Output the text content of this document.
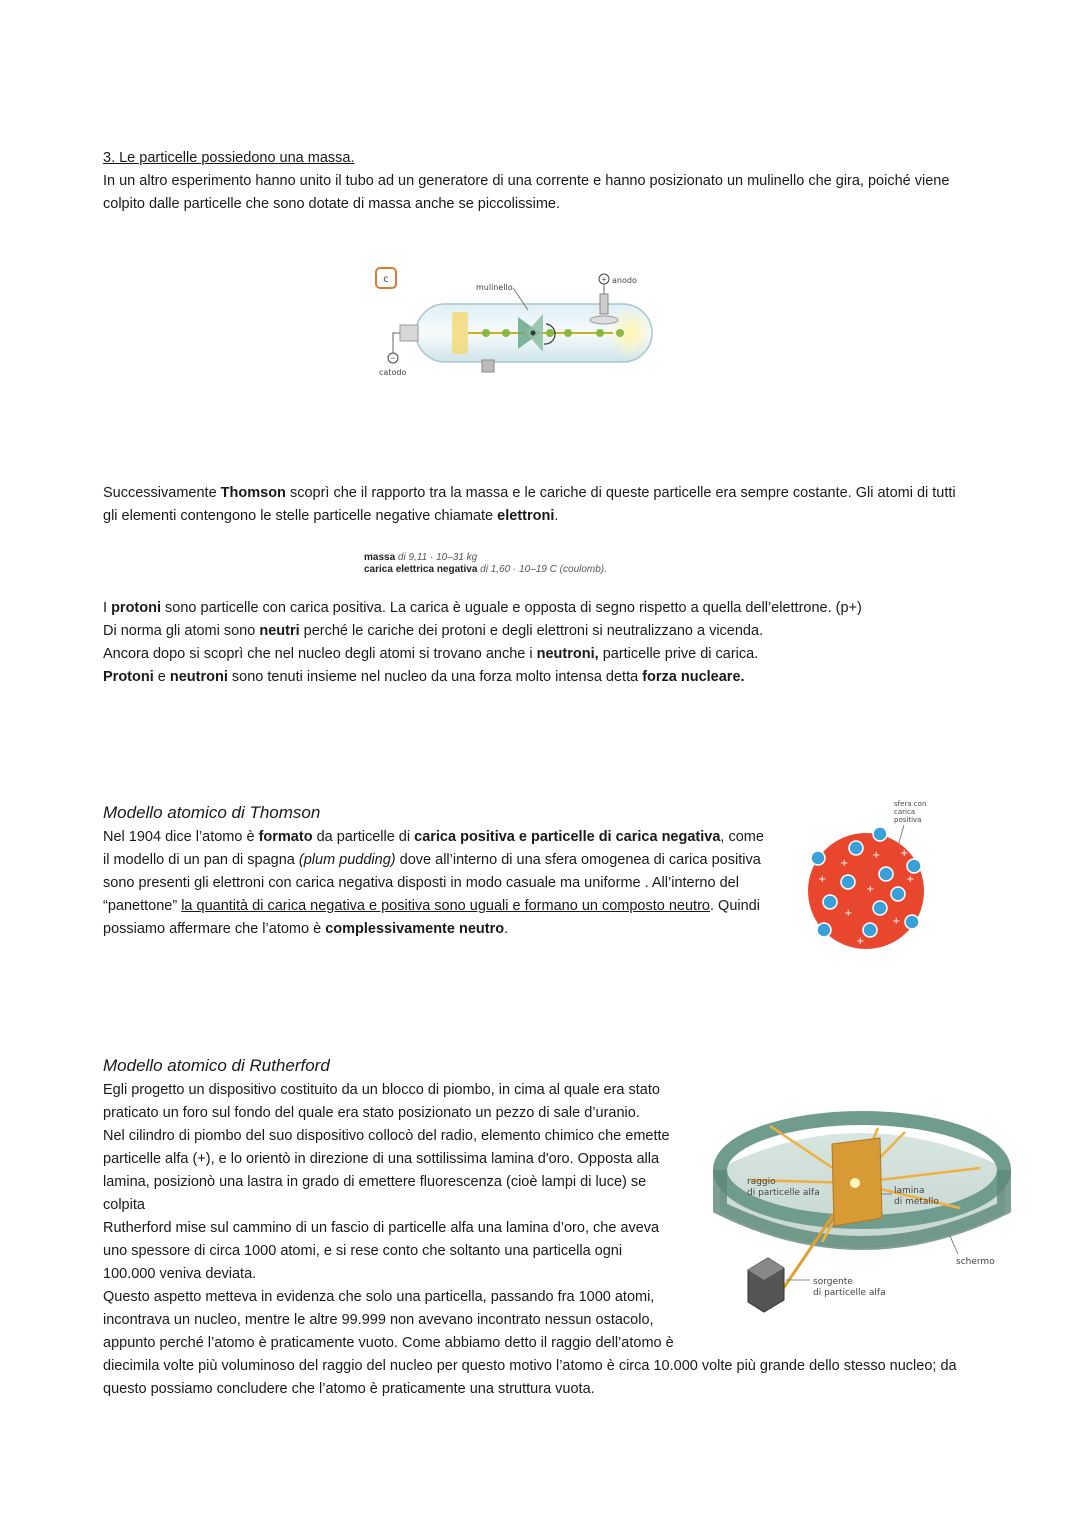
3. Le particelle possiedono una massa.
In un altro esperimento hanno unito il tubo ad un generatore di una corrente e hanno posizionato un mulinello che gira, poiché viene
colpito dalle particelle che sono dotate di massa anche se piccolissime.
c	+ anodo
mulinello
−
catodo
Successivamente Thomson scoprì che il rapporto tra la massa e le cariche di queste particelle era sempre costante. Gli atomi di tutti
gli elementi contengono le stelle particelle negative chiamate elettroni.
massa di 9,11 · 10–31 kg
carica elettrica negativa di 1,60 · 10–19 C (coulomb).
I protoni sono particelle con carica positiva. La carica è uguale e opposta di segno rispetto a quella dell’elettrone. (p+)
Di norma gli atomi sono neutri perché le cariche dei protoni e degli elettroni si neutralizzano a vicenda.
Ancora dopo si scoprì che nel nucleo degli atomi si trovano anche i neutroni, particelle prive di carica.
Protoni e neutroni sono tenuti insieme nel nucleo da una forza molto intensa detta forza nucleare.
Modello atomico di Thomson
Nel 1904 dice l’atomo è formato da particelle di carica positiva e particelle di carica negativa, come
il modello di un pan di spagna (plum pudding) dove all’interno di una sfera omogenea di carica positiva
sono presenti gli elettroni con carica negativa disposti in modo casuale ma uniforme . All’interno del
“panettone” la quantità di carica negativa e positiva sono uguali e formano un composto neutro. Quindi
possiamo affermare che l’atomo è complessivamente neutro.
sfera con
carica
positiva
+
+ +
+
+
+
+
+
+
Modello atomico di Rutherford
Egli progetto un dispositivo costituito da un blocco di piombo, in cima al quale era stato
praticato un foro sul fondo del quale era stato posizionato un pezzo di sale d’uranio.
Nel cilindro di piombo del suo dispositivo collocò del radio, elemento chimico che emette
particelle alfa (+), e lo orientò in direzione di una sottilissima lamina d'oro. Opposta alla
lamina, posizionò una lastra in grado di emettere fluorescenza (cioè lampi di luce) se
colpita
Rutherford mise sul cammino di un fascio di particelle alfa una lamina d’oro, che aveva
uno spessore di circa 1000 atomi, e si rese conto che soltanto una particella ogni
100.000 veniva deviata.
Questo aspetto metteva in evidenza che solo una particella, passando fra 1000 atomi,
incontrava un nucleo, mentre le altre 99.999 non avevano incontrato nessun ostacolo,
appunto perché l’atomo è praticamente vuoto. Come abbiamo detto il raggio dell’atomo è
diecimila volte più voluminoso del raggio del nucleo per questo motivo l’atomo è circa 10.000 volte più grande dello stesso nucleo; da
questo possiamo concludere che l’atomo è praticamente una struttura vuota.
raggio
di particelle alfa	lamina
di metallo
schermo
sorgente
di particelle alfa
